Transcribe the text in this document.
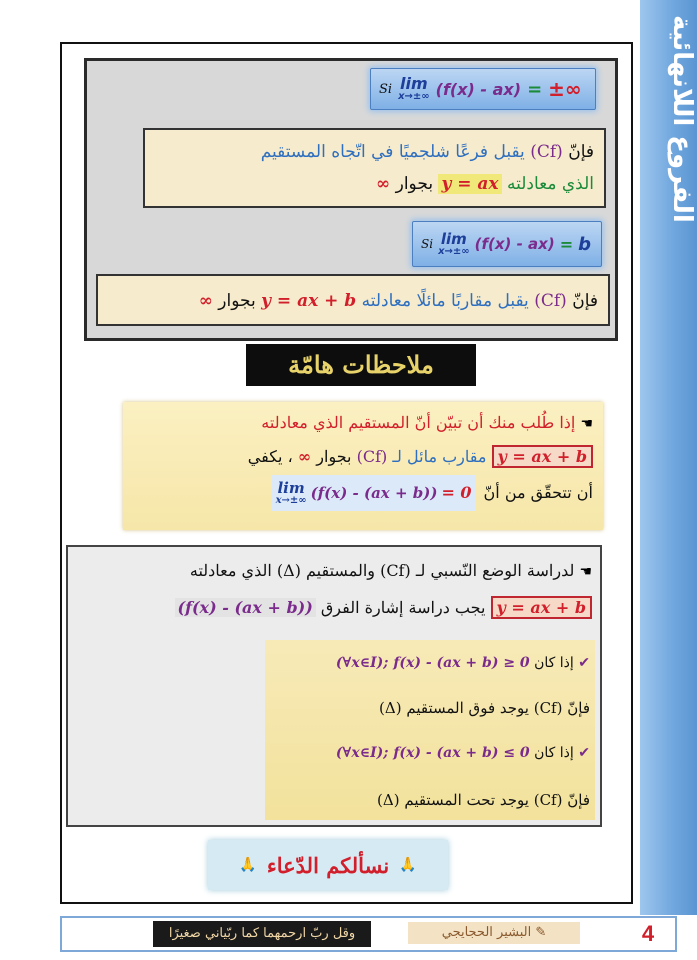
الفروع اللانهائية
Si lim
x→±∞ (f(x) - ax) = ±∞
فإنّ (Cf) يقبل فرعًا شلجميًا في اتّجاه المستقيم
الذي معادلته y = ax بجوار ∞
Si lim
x→±∞ (f(x) - ax) = b
فإنّ (Cf) يقبل مقاربًا مائلًا معادلته y = ax + b بجوار ∞
ملاحظات هامّة
☚ إذا طُلب منك أن تبيّن أنّ المستقيم الذي معادلته
y = ax + b مقارب مائل لـ (Cf) بجوار ∞ ، يكفي
أن تتحقّق من أنّ
lim
x→±∞ (f(x) - (ax + b)) = 0
☚ لدراسة الوضع النّسبي لـ (Cf) والمستقيم (Δ) الذي معادلته
y = ax + b يجب دراسة إشارة الفرق (f(x) - (ax + b))
✔ إذا كان (∀x∈I); f(x) - (ax + b) ≥ 0
فإنّ (Cf) يوجد فوق المستقيم (Δ)
✔ إذا كان (∀x∈I); f(x) - (ax + b) ≤ 0
فإنّ (Cf) يوجد تحت المستقيم (Δ)
🙏
نسألكم الدّعاء
🙏
وقل ربّ ارحمهما كما ربّياني صغيرًا	✎ البشير الحجايجي	4
